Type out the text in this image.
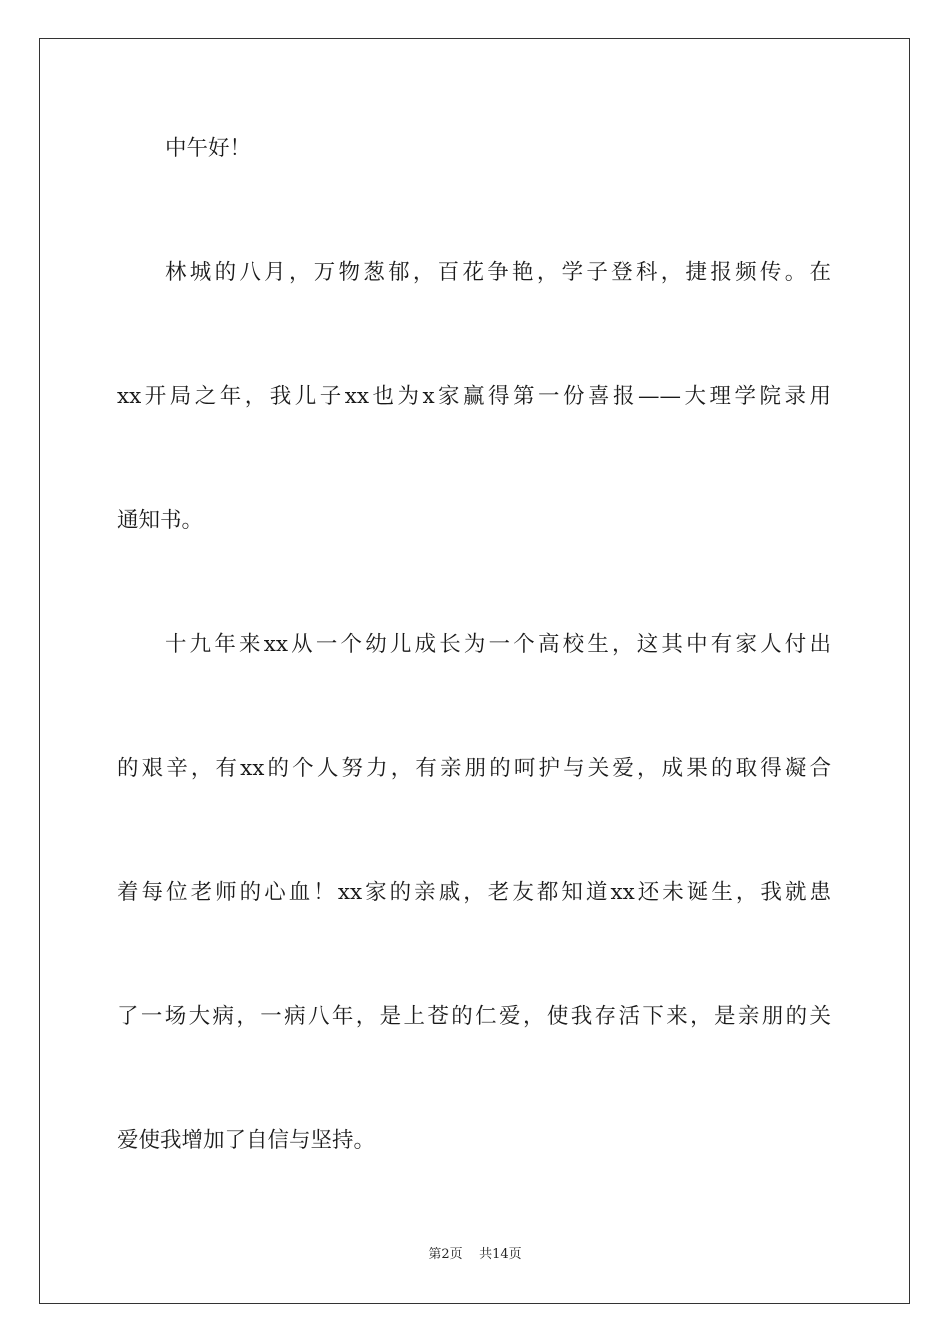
中午好！
林城的八月，万物葱郁，百花争艳，学子登科，捷报频传。在
xx开局之年，我儿子xx也为x家赢得第一份喜报——大理学院录用
通知书。
十九年来xx从一个幼儿成长为一个高校生，这其中有家人付出
的艰辛，有xx的个人努力，有亲朋的呵护与关爱，成果的取得凝合
着每位老师的心血！xx家的亲戚，老友都知道xx还未诞生，我就患
了一场大病，一病八年，是上苍的仁爱，使我存活下来，是亲朋的关
爱使我增加了自信与坚持。
第2页 共14页
